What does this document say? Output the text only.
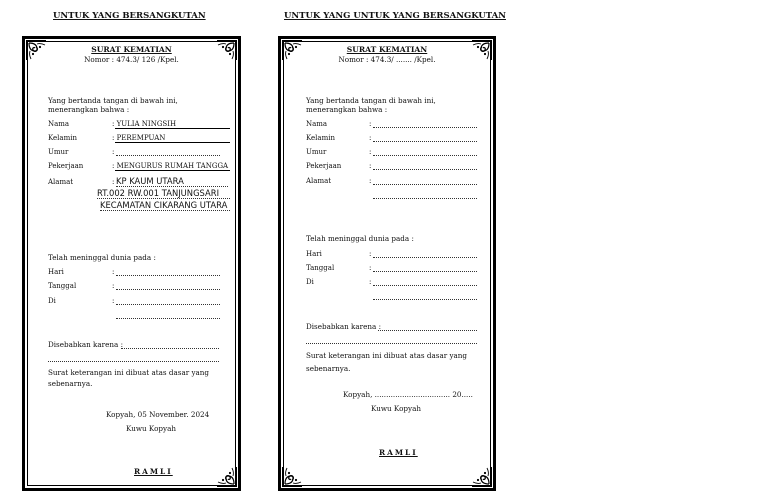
UNTUK YANG BERSANGKUTAN	UNTUK YANG UNTUK YANG BERSANGKUTAN
SURAT KEMATIAN
Nomor : 474.3/ 126 /Kpel.
Yang bertanda tangan di bawah ini,
menerangkan bahwa :
Nama	: YULIA NINGSIH
Kelamin	: PEREMPUAN
Umur	:
Pekerjaan	: MENGURUS RUMAH TANGGA
Alamat	: KP KAUM UTARA
RT.002 RW.001 TANJUNGSARI
KECAMATAN CIKARANG UTARA
Telah meninggal dunia pada :
Hari	:
Tanggal	:
Di	:
Disebabkan karena :
Surat keterangan ini dibuat atas dasar yang
sebenarnya.
Kopyah, 05 November. 2024
Kuwu Kopyah
RAMLI
SURAT KEMATIAN
Nomor : 474.3/ ....... /Kpel.
Yang bertanda tangan di bawah ini,
menerangkan bahwa :
Nama	:
Kelamin	:
Umur	:
Pekerjaan	:
Alamat	:
Telah meninggal dunia pada :
Hari	:
Tanggal	:
Di	:
Disebabkan karena :
Surat keterangan ini dibuat atas dasar yang
sebenarnya.
Kopyah, ................................. 20.....
Kuwu Kopyah
RAMLI
